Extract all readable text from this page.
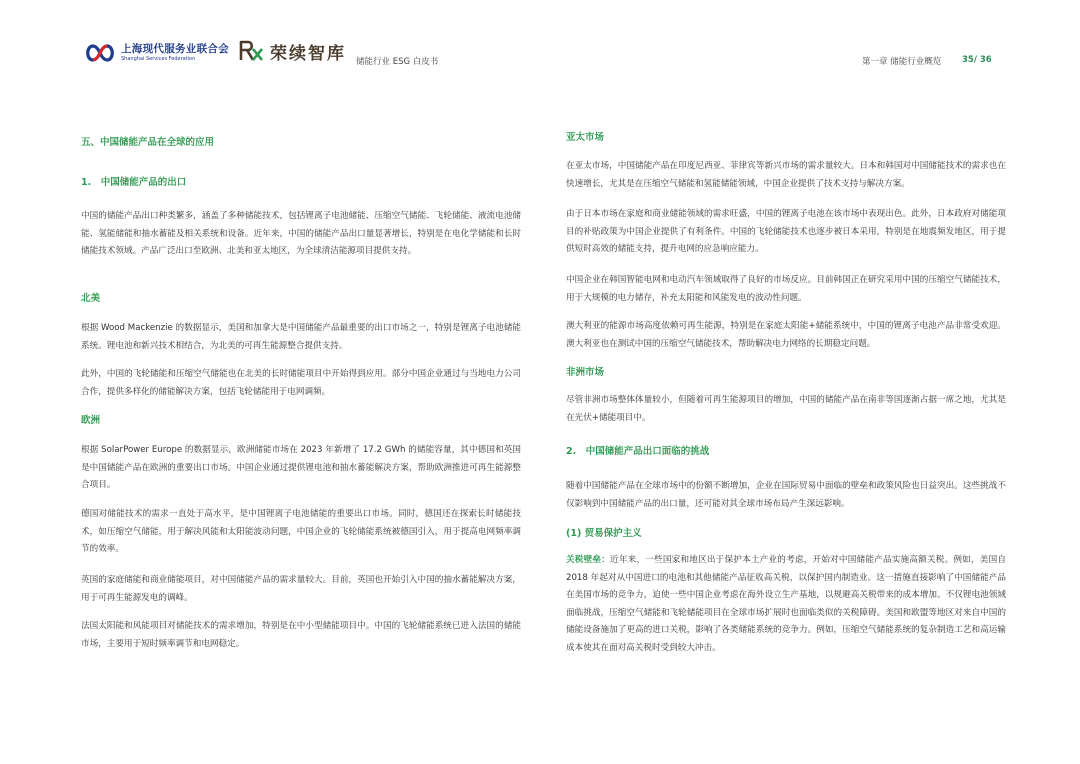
上海现代服务业联合会
Shanghai Services Federation	荣续智库 储能行业 ESG 白皮书	第一章 储能行业概览 35/ 36
五、中国储能产品在全球的应用
1.　中国储能产品的出口
中国的储能产品出口种类繁多，涵盖了多种储能技术，包括锂离子电池储能、压缩空气储能、飞轮储能、液流电池储能、氢能储能和抽水蓄能及相关系统和设备。近年来，中国的储能产品出口量显著增长，特别是在电化学储能和长时储能技术领域。产品广泛出口至欧洲、北美和亚太地区，为全球清洁能源项目提供支持。
北美
根据 Wood Mackenzie 的数据显示，美国和加拿大是中国储能产品最重要的出口市场之一，特别是锂离子电池储能系统。锂电池和新兴技术相结合，为北美的可再生能源整合提供支持。
此外，中国的飞轮储能和压缩空气储能也在北美的长时储能项目中开始得到应用。部分中国企业通过与当地电力公司合作，提供多样化的储能解决方案，包括飞轮储能用于电网调频。
欧洲
根据 SolarPower Europe 的数据显示，欧洲储能市场在 2023 年新增了 17.2 GWh 的储能容量，其中德国和英国是中国储能产品在欧洲的重要出口市场。中国企业通过提供锂电池和抽水蓄能解决方案，帮助欧洲推进可再生能源整合项目。
德国对储能技术的需求一直处于高水平，是中国锂离子电池储能的重要出口市场。同时，德国还在探索长时储能技术，如压缩空气储能，用于解决风能和太阳能波动问题，中国企业的飞轮储能系统被德国引入，用于提高电网频率调节的效率。
英国的家庭储能和商业储能项目，对中国储能产品的需求量较大。目前，英国也开始引入中国的抽水蓄能解决方案，用于可再生能源发电的调峰。
法国太阳能和风能项目对储能技术的需求增加，特别是在中小型储能项目中。中国的飞轮储能系统已进入法国的储能市场，主要用于短时频率调节和电网稳定。
亚太市场
在亚太市场，中国储能产品在印度尼西亚、菲律宾等新兴市场的需求量较大。日本和韩国对中国储能技术的需求也在快速增长，尤其是在压缩空气储能和氢能储能领域，中国企业提供了技术支持与解决方案。
由于日本市场在家庭和商业储能领域的需求旺盛，中国的锂离子电池在该市场中表现出色。此外，日本政府对储能项目的补贴政策为中国企业提供了有利条件。中国的飞轮储能技术也逐步被日本采用，特别是在地震频发地区，用于提供短时高效的储能支持，提升电网的应急响应能力。
中国企业在韩国智能电网和电动汽车领域取得了良好的市场反应。目前韩国正在研究采用中国的压缩空气储能技术，用于大规模的电力储存，补充太阳能和风能发电的波动性问题。
澳大利亚的能源市场高度依赖可再生能源，特别是在家庭太阳能+储能系统中，中国的锂离子电池产品非常受欢迎。澳大利亚也在测试中国的压缩空气储能技术，帮助解决电力网络的长期稳定问题。
非洲市场
尽管非洲市场整体体量较小，但随着可再生能源项目的增加，中国的储能产品在南非等国逐渐占据一席之地，尤其是在光伏+储能项目中。
2.　中国储能产品出口面临的挑战
随着中国储能产品在全球市场中的份额不断增加，企业在国际贸易中面临的壁垒和政策风险也日益突出。这些挑战不仅影响到中国储能产品的出口量，还可能对其全球市场布局产生深远影响。
(1) 贸易保护主义
关税壁垒：近年来，一些国家和地区出于保护本土产业的考虑，开始对中国储能产品实施高额关税。例如，美国自 2018 年起对从中国进口的电池和其他储能产品征收高关税，以保护国内制造业。这一措施直接影响了中国储能产品在美国市场的竞争力，迫使一些中国企业考虑在海外设立生产基地，以规避高关税带来的成本增加。不仅锂电池领域面临挑战，压缩空气储能和飞轮储能项目在全球市场扩展时也面临类似的关税障碍。美国和欧盟等地区对来自中国的储能设备施加了更高的进口关税，影响了各类储能系统的竞争力。例如，压缩空气储能系统的复杂制造工艺和高运输成本使其在面对高关税时受到较大冲击。
